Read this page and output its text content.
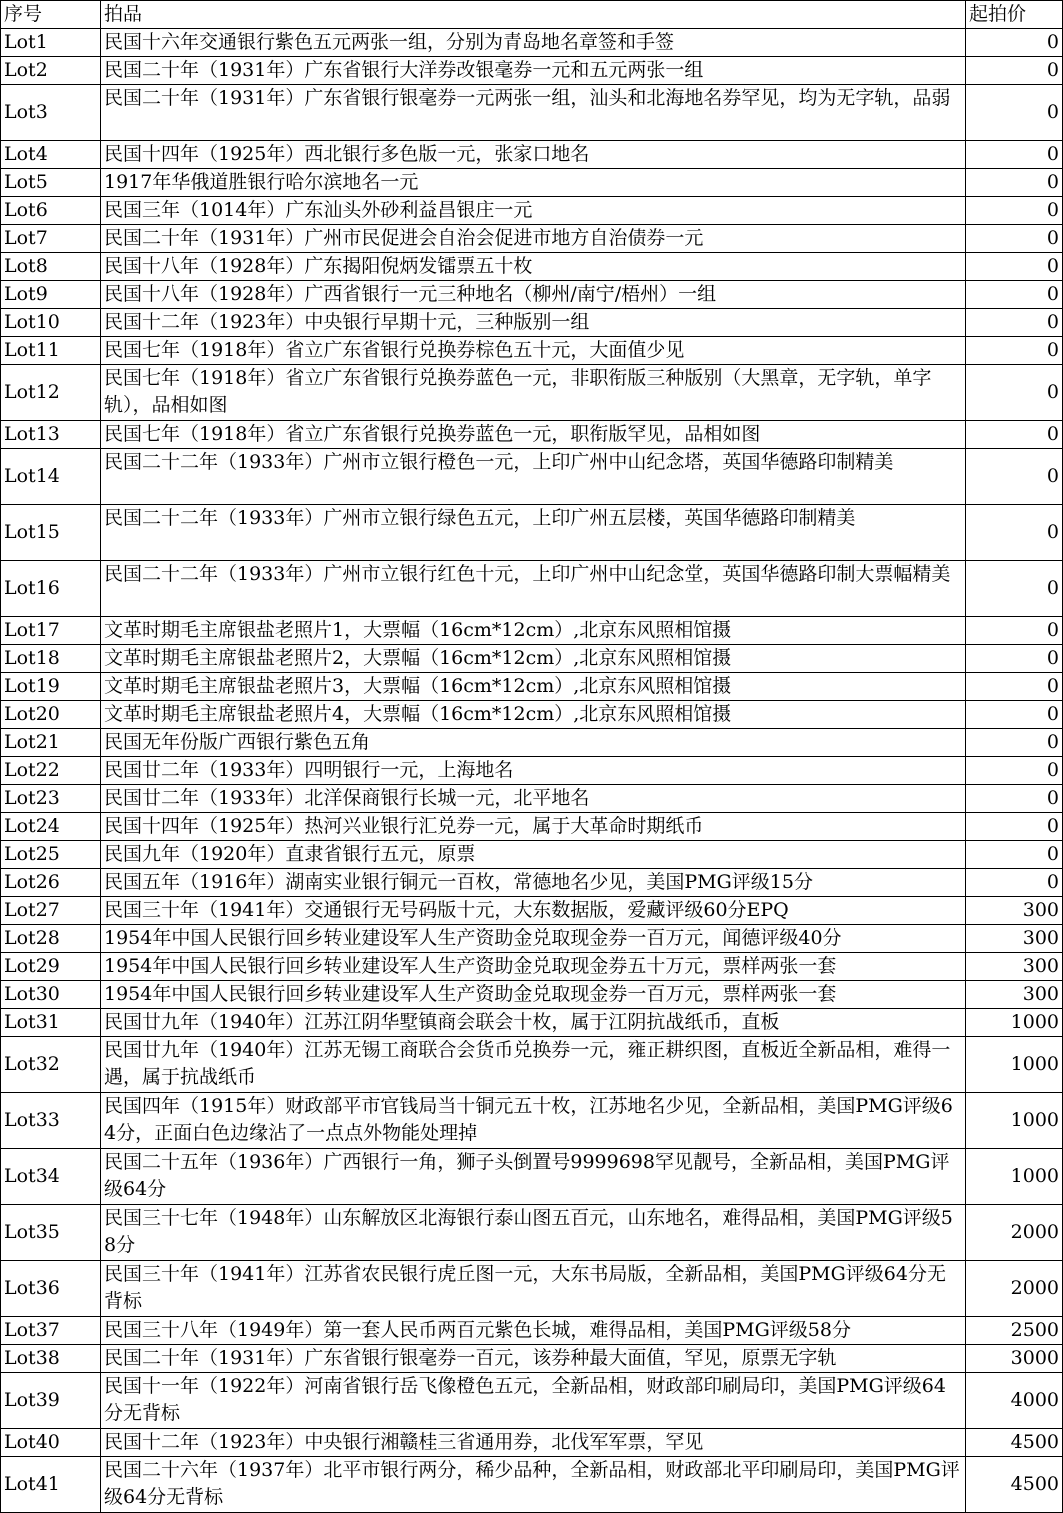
序号	拍品	起拍价
Lot1	民国十六年交通银行紫色五元两张一组，分别为青岛地名章签和手签	0
Lot2	民国二十年（1931年）广东省银行大洋券改银毫券一元和五元两张一组	0
Lot3	民国二十年（1931年）广东省银行银毫券一元两张一组，汕头和北海地名券罕见，均为无字轨，品弱	0
Lot4	民国十四年（1925年）西北银行多色版一元，张家口地名	0
Lot5	1917年华俄道胜银行哈尔滨地名一元	0
Lot6	民国三年（1014年）广东汕头外砂利益昌银庄一元	0
Lot7	民国二十年（1931年）广州市民促进会自治会促进市地方自治债券一元	0
Lot8	民国十八年（1928年）广东揭阳倪炳发镭票五十枚	0
Lot9	民国十八年（1928年）广西省银行一元三种地名（柳州/南宁/梧州）一组	0
Lot10	民国十二年（1923年）中央银行早期十元，三种版别一组	0
Lot11	民国七年（1918年）省立广东省银行兑换券棕色五十元，大面值少见	0
Lot12	民国七年（1918年）省立广东省银行兑换券蓝色一元，非职衔版三种版别（大黑章，无字轨，单字轨），品相如图	0
Lot13	民国七年（1918年）省立广东省银行兑换券蓝色一元，职衔版罕见，品相如图	0
Lot14	民国二十二年（1933年）广州市立银行橙色一元，上印广州中山纪念塔，英国华德路印制精美	0
Lot15	民国二十二年（1933年）广州市立银行绿色五元，上印广州五层楼，英国华德路印制精美	0
Lot16	民国二十二年（1933年）广州市立银行红色十元，上印广州中山纪念堂，英国华德路印制大票幅精美	0
Lot17	文革时期毛主席银盐老照片1，大票幅（16cm*12cm）,北京东风照相馆摄	0
Lot18	文革时期毛主席银盐老照片2，大票幅（16cm*12cm）,北京东风照相馆摄	0
Lot19	文革时期毛主席银盐老照片3，大票幅（16cm*12cm）,北京东风照相馆摄	0
Lot20	文革时期毛主席银盐老照片4，大票幅（16cm*12cm）,北京东风照相馆摄	0
Lot21	民国无年份版广西银行紫色五角	0
Lot22	民国廿二年（1933年）四明银行一元，上海地名	0
Lot23	民国廿二年（1933年）北洋保商银行长城一元，北平地名	0
Lot24	民国十四年（1925年）热河兴业银行汇兑券一元，属于大革命时期纸币	0
Lot25	民国九年（1920年）直隶省银行五元，原票	0
Lot26	民国五年（1916年）湖南实业银行铜元一百枚，常德地名少见，美国PMG评级15分	0
Lot27	民国三十年（1941年）交通银行无号码版十元，大东数据版，爱藏评级60分EPQ	300
Lot28	1954年中国人民银行回乡转业建设军人生产资助金兑取现金券一百万元，闻德评级40分	300
Lot29	1954年中国人民银行回乡转业建设军人生产资助金兑取现金券五十万元，票样两张一套	300
Lot30	1954年中国人民银行回乡转业建设军人生产资助金兑取现金券一百万元，票样两张一套	300
Lot31	民国廿九年（1940年）江苏江阴华墅镇商会联会十枚，属于江阴抗战纸币，直板	1000
Lot32	民国廿九年（1940年）江苏无锡工商联合会货币兑换券一元，雍正耕织图，直板近全新品相，难得一遇，属于抗战纸币	1000
Lot33	民国四年（1915年）财政部平市官钱局当十铜元五十枚，江苏地名少见，全新品相，美国PMG评级64分，正面白色边缘沾了一点点外物能处理掉	1000
Lot34	民国二十五年（1936年）广西银行一角，狮子头倒置号9999698罕见靓号，全新品相，美国PMG评级64分	1000
Lot35	民国三十七年（1948年）山东解放区北海银行泰山图五百元，山东地名，难得品相，美国PMG评级58分	2000
Lot36	民国三十年（1941年）江苏省农民银行虎丘图一元，大东书局版，全新品相，美国PMG评级64分无背标	2000
Lot37	民国三十八年（1949年）第一套人民币两百元紫色长城，难得品相，美国PMG评级58分	2500
Lot38	民国二十年（1931年）广东省银行银毫券一百元，该券种最大面值，罕见，原票无字轨	3000
Lot39	民国十一年（1922年）河南省银行岳飞像橙色五元，全新品相，财政部印刷局印，美国PMG评级64分无背标	4000
Lot40	民国十二年（1923年）中央银行湘赣桂三省通用券，北伐军军票，罕见	4500
Lot41	民国二十六年（1937年）北平市银行两分，稀少品种，全新品相，财政部北平印刷局印，美国PMG评级64分无背标	4500
